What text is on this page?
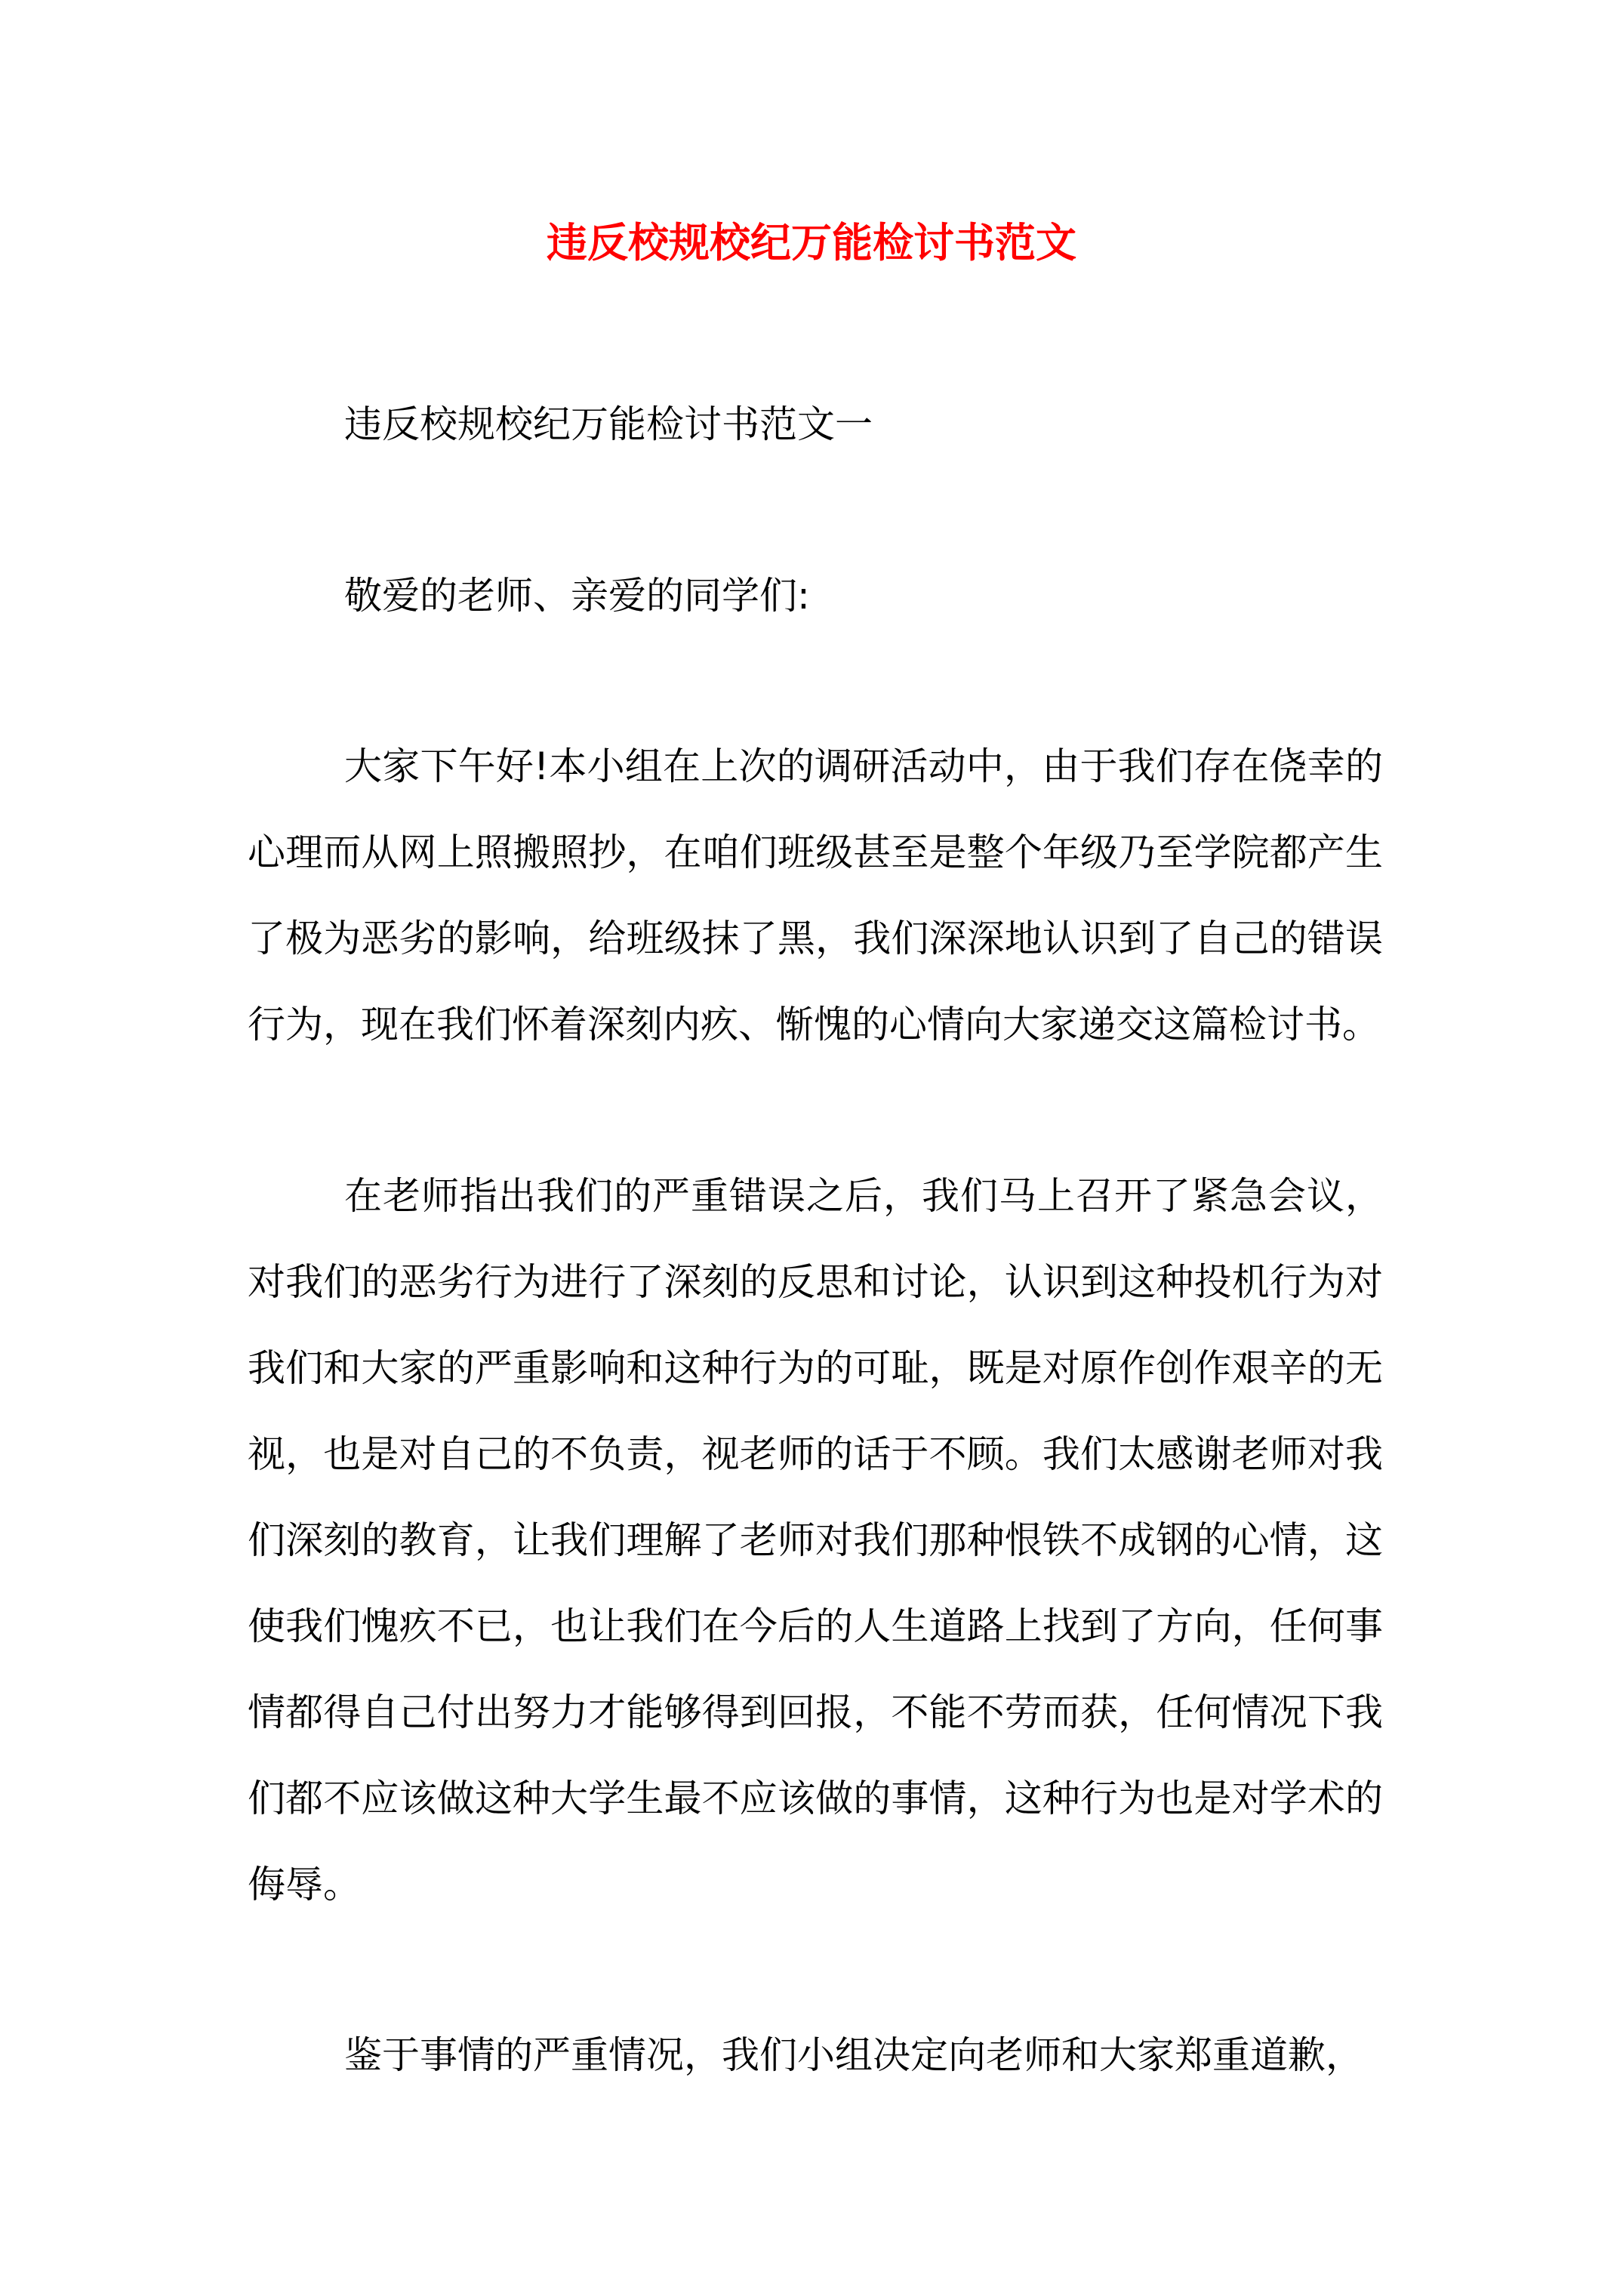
违反校规校纪万能检讨书范文

违反校规校纪万能检讨书范文一

敬爱的老师、亲爱的同学们:

大家下午好!本小组在上次的调研活动中，由于我们存在侥幸的心理而从网上照搬照抄，在咱们班级甚至是整个年级乃至学院都产生了极为恶劣的影响，给班级抹了黑，我们深深地认识到了自己的错误行为，现在我们怀着深刻内疚、惭愧的心情向大家递交这篇检讨书。

在老师指出我们的严重错误之后，我们马上召开了紧急会议，对我们的恶劣行为进行了深刻的反思和讨论，认识到这种投机行为对我们和大家的严重影响和这种行为的可耻，既是对原作创作艰辛的无视，也是对自己的不负责，视老师的话于不顾。我们太感谢老师对我们深刻的教育，让我们理解了老师对我们那种恨铁不成钢的心情，这使我们愧疚不已，也让我们在今后的人生道路上找到了方向，任何事情都得自己付出努力才能够得到回报，不能不劳而获，任何情况下我们都不应该做这种大学生最不应该做的事情，这种行为也是对学术的侮辱。

鉴于事情的严重情况，我们小组决定向老师和大家郑重道歉，
